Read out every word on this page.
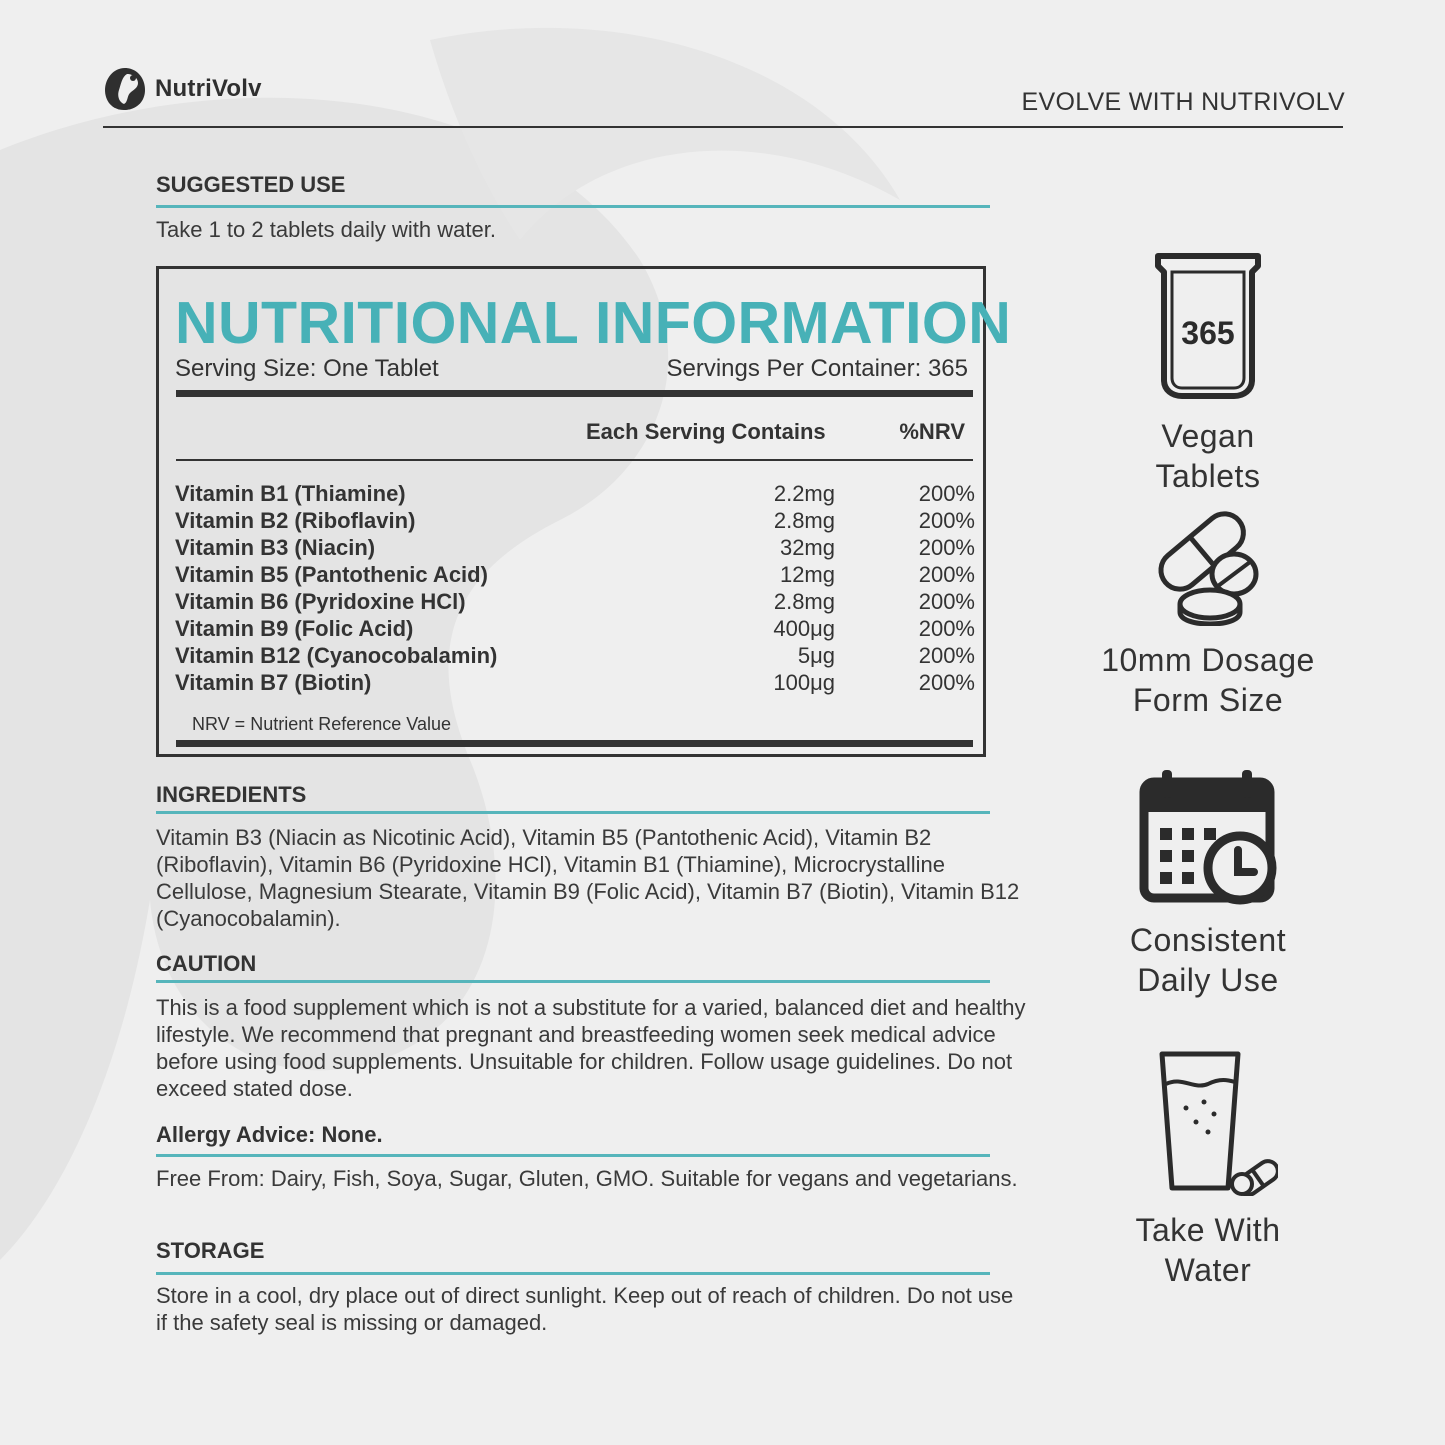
NutriVolv	EVOLVE WITH NUTRIVOLV
SUGGESTED USE
Take 1 to 2 tablets daily with water.
NUTRITIONAL INFORMATION
Serving Size: One Tablet	Servings Per Container: 365
Each Serving Contains	%NRV
Vitamin B1 (Thiamine)	2.2mg	200%
Vitamin B2 (Riboflavin)	2.8mg	200%
Vitamin B3 (Niacin)	32mg	200%
Vitamin B5 (Pantothenic Acid)	12mg	200%
Vitamin B6 (Pyridoxine HCl)	2.8mg	200%
Vitamin B9 (Folic Acid)	400μg	200%
Vitamin B12 (Cyanocobalamin)	5μg	200%
Vitamin B7 (Biotin)	100μg	200%
NRV = Nutrient Reference Value
INGREDIENTS
Vitamin B3 (Niacin as Nicotinic Acid), Vitamin B5 (Pantothenic Acid), Vitamin B2 (Riboflavin), Vitamin B6 (Pyridoxine HCl), Vitamin B1 (Thiamine), Microcrystalline Cellulose, Magnesium Stearate, Vitamin B9 (Folic Acid), Vitamin B7 (Biotin), Vitamin B12 (Cyanocobalamin).
CAUTION
This is a food supplement which is not a substitute for a varied, balanced diet and healthy lifestyle. We recommend that pregnant and breastfeeding women seek medical advice before using food supplements. Unsuitable for children. Follow usage guidelines. Do not exceed stated dose.
Allergy Advice: None.
Free From: Dairy, Fish, Soya, Sugar, Gluten, GMO. Suitable for vegans and vegetarians.
STORAGE
Store in a cool, dry place out of direct sunlight. Keep out of reach of children. Do not use if the safety seal is missing or damaged.
365
Vegan
Tablets
10mm Dosage
Form Size
Consistent
Daily Use
Take With
Water
